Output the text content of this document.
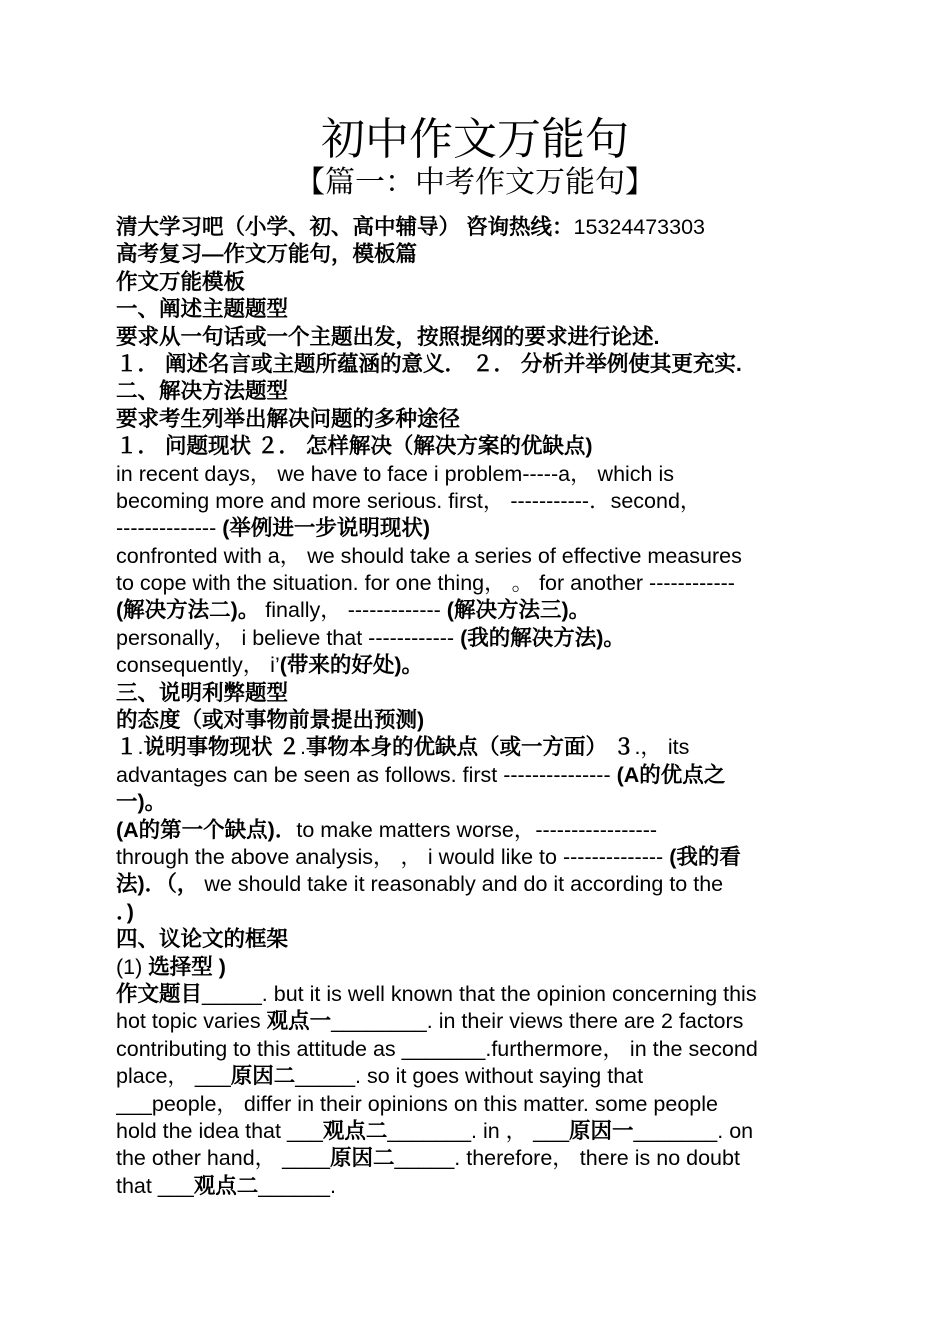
初中作文万能句
【篇一：中考作文万能句】
清大学习吧（小学、初、高中辅导） 咨询热线：15324473303
高考复习—作文万能句，模板篇
作文万能模板
一、阐述主题题型
要求从一句话或一个主题出发，按照提纲的要求进行论述.
１． 阐述名言或主题所蕴涵的意义． ２． 分析并举例使其更充实.
二、解决方法题型
要求考生列举出解决问题的多种途径
１． 问题现状 ２． 怎样解决（解决方案的优缺点)
in recent days， we have to face i problem-----a， which is
becoming more and more serious. first， -----------．second，
-------------- (举例进一步说明现状)
confronted with a， we should take a series of effective measures
to cope with the situation. for one thing， 。 for another ------------
(解决方法二)。 finally， ------------- (解决方法三)。
personally， i believe that ------------ (我的解决方法)。
consequently， i’(带来的好处)。
三、说明利弊题型
的态度（或对事物前景提出预测)
１.说明事物现状 ２.事物本身的优缺点（或一方面） ３.， its
advantages can be seen as follows. first --------------- (A的优点之
一)。
(A的第一个缺点)．to make matters worse，-----------------
through the above analysis， ， i would like to -------------- (我的看
法)．（， we should take it reasonably and do it according to the
．)
四、议论文的框架
(1) 选择型 )
作文题目_____. but it is well known that the opinion concerning this
hot topic varies 观点一________. in their views there are 2 factors
contributing to this attitude as _______.furthermore， in the second
place， ___原因二_____. so it goes without saying that
___people， differ in their opinions on this matter. some people
hold the idea that ___观点二_______. in ， ___原因一_______. on
the other hand， ____原因二_____. therefore， there is no doubt
that ___观点二______.
